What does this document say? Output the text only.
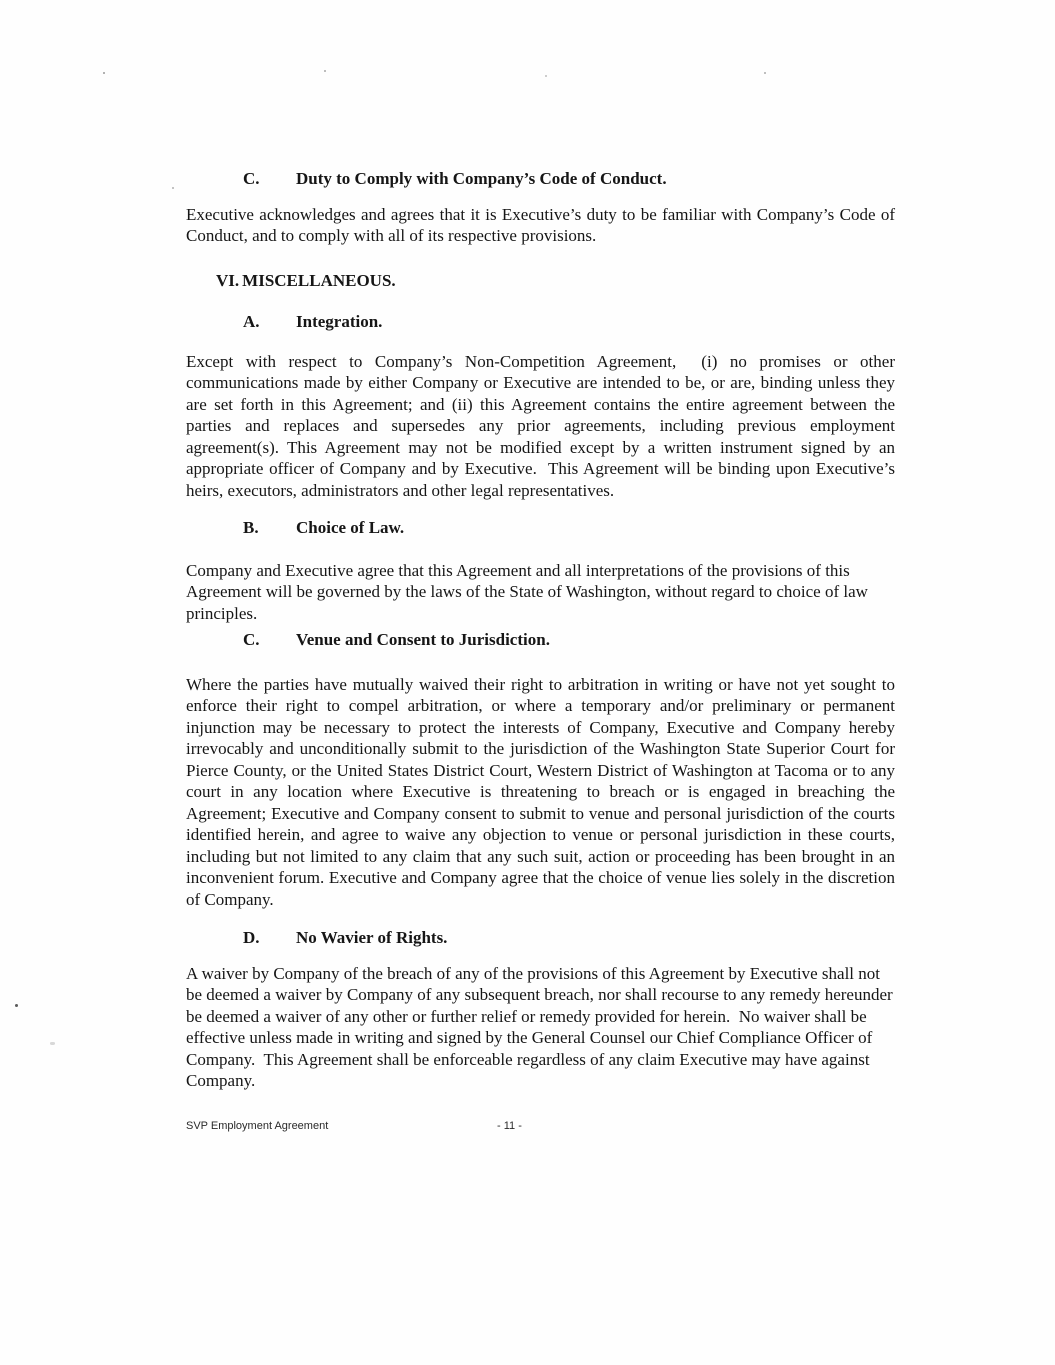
C. Duty to Comply with Company’s Code of Conduct.

Executive acknowledges and agrees that it is Executive’s duty to be familiar with Company’s Code of Conduct, and to comply with all of its respective provisions.

VI. MISCELLANEOUS.
A. Integration.

Except with respect to Company’s Non-Competition Agreement,  (i) no promises or other communications made by either Company or Executive are intended to be, or are, binding unless they are set forth in this Agreement; and (ii) this Agreement contains the entire agreement between the parties and replaces and supersedes any prior agreements, including previous employment agreement(s). This Agreement may not be modified except by a written instrument signed by an appropriate officer of Company and by Executive.  This Agreement will be binding upon Executive’s heirs, executors, administrators and other legal representatives.

B. Choice of Law.

Company and Executive agree that this Agreement and all interpretations of the provisions of this Agreement will be governed by the laws of the State of Washington, without regard to choice of law principles.

C. Venue and Consent to Jurisdiction.

Where the parties have mutually waived their right to arbitration in writing or have not yet sought to enforce their right to compel arbitration, or where a temporary and/or preliminary or permanent injunction may be necessary to protect the interests of Company, Executive and Company hereby irrevocably and unconditionally submit to the jurisdiction of the Washington State Superior Court for Pierce County, or the United States District Court, Western District of Washington at Tacoma or to any court in any location where Executive is threatening to breach or is engaged in breaching the Agreement; Executive and Company consent to submit to venue and personal jurisdiction of the courts identified herein, and agree to waive any objection to venue or personal jurisdiction in these courts, including but not limited to any claim that any such suit, action or proceeding has been brought in an inconvenient forum. Executive and Company agree that the choice of venue lies solely in the discretion of Company.

D. No Wavier of Rights.

A waiver by Company of the breach of any of the provisions of this Agreement by Executive shall not be deemed a waiver by Company of any subsequent breach, nor shall recourse to any remedy hereunder be deemed a waiver of any other or further relief or remedy provided for herein.  No waiver shall be effective unless made in writing and signed by the General Counsel our Chief Compliance Officer of Company.  This Agreement shall be enforceable regardless of any claim Executive may have against Company.

SVP Employment Agreement	- 11 -
